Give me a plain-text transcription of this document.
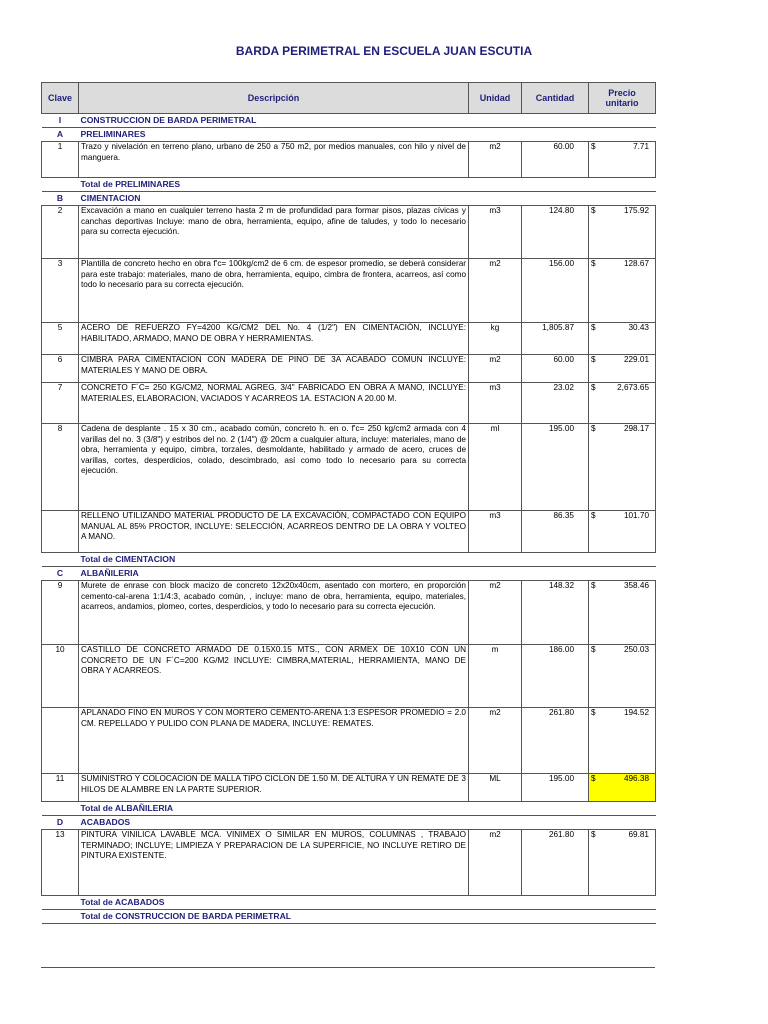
BARDA PERIMETRAL EN ESCUELA JUAN ESCUTIA
Clave	Descripción	Unidad	Cantidad	Precio unitario
I	CONSTRUCCION DE BARDA PERIMETRAL			
A	PRELIMINARES			
1	Trazo y nivelación en terreno plano, urbano de 250 a 750 m2, por medios manuales, con hilo y nivel de manguera.	m2	60.00	$ 7.71

	Total de PRELIMINARES			
B	CIMENTACION			
2	Excavación a mano en cualquier terreno hasta 2 m de profundidad para formar pisos, plazas cívicas y canchas deportivas Incluye: mano de obra, herramienta, equipo, afine de taludes, y todo lo necesario para su correcta ejecución.	m3	124.80	$ 175.92

3	Plantilla de concreto hecho en obra f'c= 100kg/cm2 de 6 cm. de espesor promedio, se deberá considerar para este trabajo: materiales, mano de obra, herramienta, equipo, cimbra de frontera, acarreos, así como todo lo necesario para su correcta ejecución.	m2	156.00	$ 128.67

5	ACERO DE REFUERZO FY=4200 KG/CM2 DEL No. 4 (1/2") EN CIMENTACIÓN, INCLUYE: HABILITADO, ARMADO, MANO DE OBRA Y HERRAMIENTAS.	kg	1,805.87	$ 30.43

6	CIMBRA PARA CIMENTACION CON MADERA DE PINO DE 3A ACABADO COMUN INCLUYE: MATERIALES Y MANO DE OBRA.	m2	60.00	$ 229.01

7	CONCRETO F´C= 250 KG/CM2, NORMAL AGREG. 3/4" FABRICADO EN OBRA A MANO, INCLUYE: MATERIALES, ELABORACION, VACIADOS Y ACARREOS 1A. ESTACION A 20.00 M.	m3	23.02	$ 2,673.65

8	Cadena de desplante . 15 x 30 cm., acabado común, concreto h. en o. f'c= 250 kg/cm2 armada con 4 varillas del no. 3 (3/8") y estribos del no. 2 (1/4") @ 20cm a cualquier altura, incluye: materiales, mano de obra, herramienta y equipo, cimbra, torzales, desmoldante, habilitado y armado de acero, cruces de varillas, cortes, desperdicios, colado, descimbrado, así como todo lo necesario para su correcta ejecución.	ml	195.00	$ 298.17

	RELLENO UTILIZANDO MATERIAL PRODUCTO DE LA EXCAVACIÓN, COMPACTADO CON EQUIPO MANUAL AL 85% PROCTOR, INCLUYE: SELECCIÓN, ACARREOS DENTRO DE LA OBRA Y VOLTEO A MANO.	m3	86.35	$ 101.70

	Total de CIMENTACION			
C	ALBAÑILERIA			
9	Murete de enrase con block macizo de concreto 12x20x40cm, asentado con mortero, en proporción cemento-cal-arena 1:1/4:3, acabado común, , incluye: mano de obra, herramienta, equipo, materiales, acarreos, andamios, plomeo, cortes, desperdicios, y todo lo necesario para su correcta ejecución.	m2	148.32	$ 358.46

10	CASTILLO DE CONCRETO ARMADO DE 0.15X0.15 MTS., CON ARMEX DE 10X10 CON UN CONCRETO DE UN F´C=200 KG/M2 INCLUYE: CIMBRA,MATERIAL, HERRAMIENTA, MANO DE OBRA Y ACARREOS.	m	186.00	$ 250.03

	APLANADO FINO EN MUROS Y CON MORTERO CEMENTO-ARENA 1:3 ESPESOR PROMEDIO = 2.0 CM. REPELLADO Y PULIDO CON PLANA DE MADERA, INCLUYE: REMATES.	m2	261.80	$ 194.52

11	SUMINISTRO Y COLOCACION DE MALLA TIPO CICLON DE 1.50 M. DE ALTURA Y UN REMATE DE 3 HILOS DE ALAMBRE EN LA PARTE SUPERIOR.	ML	195.00	$ 496.38

	Total de ALBAÑILERIA			
D	ACABADOS			
13	PINTURA VINILICA LAVABLE MCA. VINIMEX O SIMILAR EN MUROS, COLUMNAS , TRABAJO TERMINADO; INCLUYE; LIMPIEZA Y PREPARACION DE LA SUPERFICIE, NO INCLUYE RETIRO DE PINTURA EXISTENTE.	m2	261.80	$ 69.81

	Total de ACABADOS			
	Total de CONSTRUCCION DE BARDA PERIMETRAL			
